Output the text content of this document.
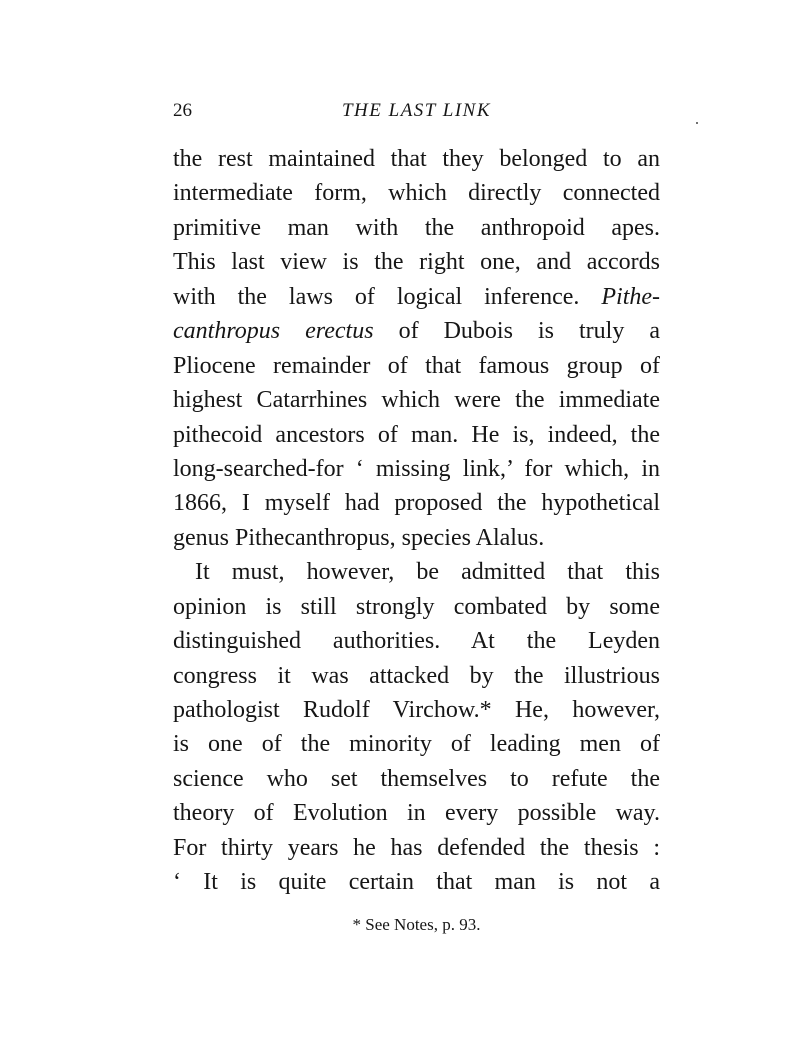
26	THE LAST LINK
the rest maintained that they belonged to an
intermediate form, which directly connected
primitive man with the anthropoid apes.
This last view is the right one, and accords
with the laws of logical inference. Pithe-
canthropus erectus of Dubois is truly a
Pliocene remainder of that famous group of
highest Catarrhines which were the immediate
pithecoid ancestors of man. He is, indeed, the
long-searched-for ‘ missing link,’ for which, in
1866, I myself had proposed the hypothetical
genus Pithecanthropus, species Alalus.
It must, however, be admitted that this
opinion is still strongly combated by some
distinguished authorities. At the Leyden
congress it was attacked by the illustrious
pathologist Rudolf Virchow.* He, however,
is one of the minority of leading men of
science who set themselves to refute the
theory of Evolution in every possible way.
For thirty years he has defended the thesis :
‘ It is quite certain that man is not a
* See Notes, p. 93.
